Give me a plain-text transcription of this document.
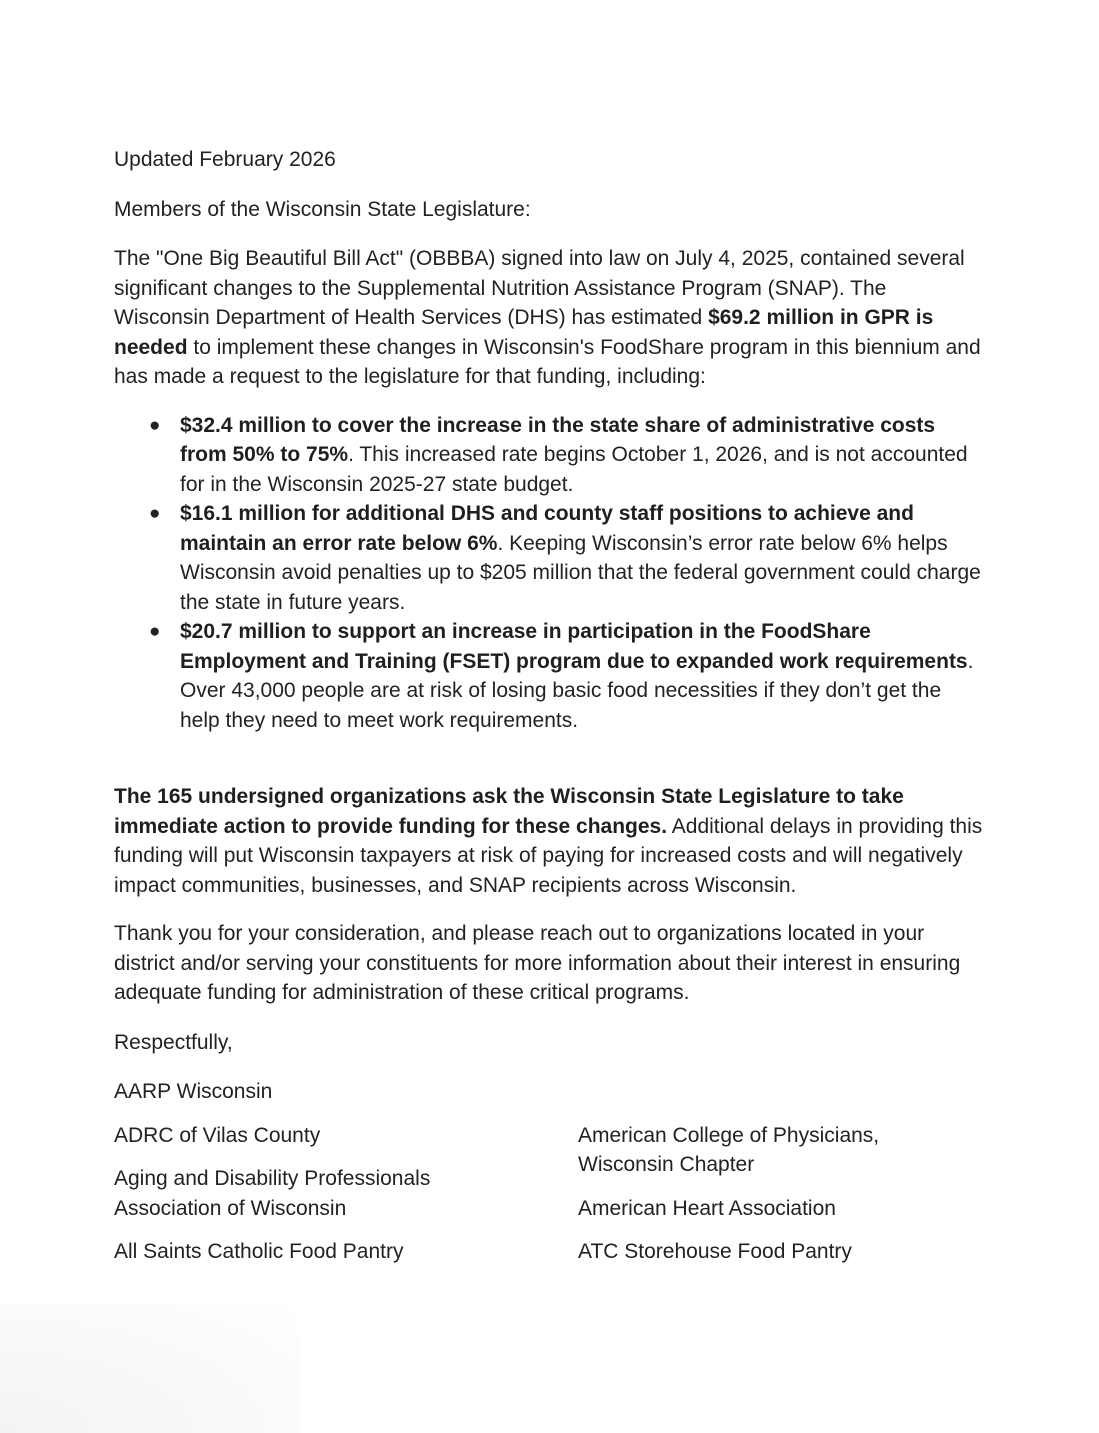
Updated February 2026

Members of the Wisconsin State Legislature:

The "One Big Beautiful Bill Act" (OBBBA) signed into law on July 4, 2025, contained several significant changes to the Supplemental Nutrition Assistance Program (SNAP). The Wisconsin Department of Health Services (DHS) has estimated $69.2 million in GPR is needed to implement these changes in Wisconsin's FoodShare program in this biennium and has made a request to the legislature for that funding, including:

● $32.4 million to cover the increase in the state share of administrative costs from 50% to 75%. This increased rate begins October 1, 2026, and is not accounted for in the Wisconsin 2025-27 state budget.
● $16.1 million for additional DHS and county staff positions to achieve and maintain an error rate below 6%. Keeping Wisconsin’s error rate below 6% helps Wisconsin avoid penalties up to $205 million that the federal government could charge the state in future years.
● $20.7 million to support an increase in participation in the FoodShare Employment and Training (FSET) program due to expanded work requirements. Over 43,000 people are at risk of losing basic food necessities if they don’t get the help they need to meet work requirements.

The 165 undersigned organizations ask the Wisconsin State Legislature to take immediate action to provide funding for these changes. Additional delays in providing this funding will put Wisconsin taxpayers at risk of paying for increased costs and will negatively impact communities, businesses, and SNAP recipients across Wisconsin.

Thank you for your consideration, and please reach out to organizations located in your district and/or serving your constituents for more information about their interest in ensuring adequate funding for administration of these critical programs.

Respectfully,

AARP Wisconsin

ADRC of Vilas County

Aging and Disability Professionals Association of Wisconsin

All Saints Catholic Food Pantry

American College of Physicians, Wisconsin Chapter

American Heart Association

ATC Storehouse Food Pantry
